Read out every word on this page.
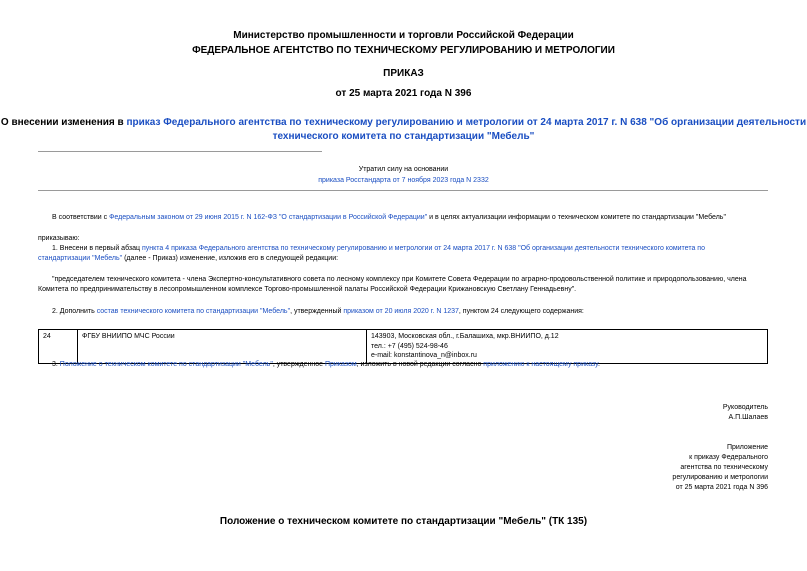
Министерство промышленности и торговли Российской Федерации
ФЕДЕРАЛЬНОЕ АГЕНТСТВО ПО ТЕХНИЧЕСКОМУ РЕГУЛИРОВАНИЮ И МЕТРОЛОГИИ
ПРИКАЗ
от 25 марта 2021 года N 396
О внесении изменения в приказ Федерального агентства по техническому регулированию и метрологии от 24 марта 2017 г. N 638 "Об организации деятельности
технического комитета по стандартизации "Мебель"
Утратил силу на основании
приказа Росстандарта от 7 ноября 2023 года N 2332
В соответствии с Федеральным законом от 29 июня 2015 г. N 162-ФЗ "О стандартизации в Российской Федерации" и в целях актуализации информации о техническом комитете по стандартизации "Мебель"
приказываю:
1. Внесени в первый абзац пункта 4 приказа Федерального агентства по техническому регулированию и метрологии от 24 марта 2017 г. N 638 "Об организации деятельности технического комитета по
стандартизации "Мебель" (далее - Приказ) изменение, изложив его в следующей редакции:
"председателем технического комитета - члена Экспертно-консультативного совета по лесному комплексу при Комитете Совета Федерации по аграрно-продовольственной политике и природопользованию, члена
Комитета по предпринимательству в лесопромышленном комплексе Торгово-промышленной палаты Российской Федерации Крижановскую Светлану Геннадьевну".
2. Дополнить состав технического комитета по стандартизации "Мебель", утвержденный приказом от 20 июля 2020 г. N 1237, пунктом 24 следующего содержания:
24	ФГБУ ВНИИПО МЧС России	143903, Московская обл., г.Балашиха, мкр.ВНИИПО, д.12
тел.: +7 (495) 524-98-46
e-mail: konstantinova_n@inbox.ru
3. Положение о техническом комитете по стандартизации "Мебель", утвержденное Приказом, изложить в новой редакции согласно приложению к настоящему приказу.
Руководитель
А.П.Шалаев
Приложение
к приказу Федерального
агентства по техническому
регулированию и метрологии
от 25 марта 2021 года N 396
Положение о техническом комитете по стандартизации "Мебель" (ТК 135)
